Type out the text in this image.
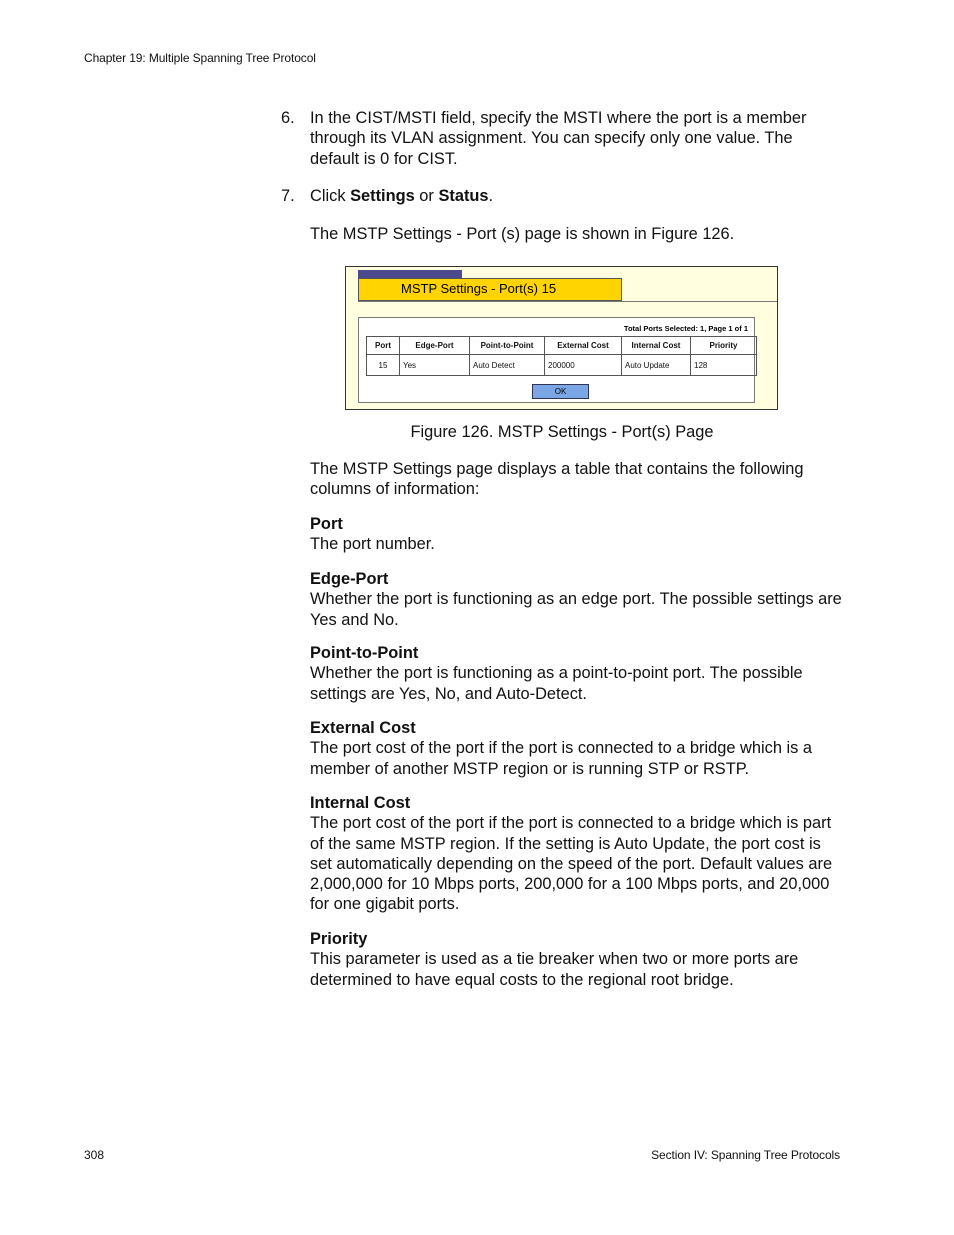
Chapter 19: Multiple Spanning Tree Protocol
6. In the CIST/MSTI field, specify the MSTI where the port is a member through its VLAN assignment. You can specify only one value. The default is 0 for CIST.
7. Click Settings or Status.
The MSTP Settings - Port (s) page is shown in Figure 126.
MSTP Settings - Port(s) 15
Total Ports Selected: 1, Page 1 of 1
Port	Edge-Port	Point-to-Point	External Cost	Internal Cost	Priority
15	Yes	Auto Detect	200000	Auto Update	128
OK
Figure 126. MSTP Settings - Port(s) Page
The MSTP Settings page displays a table that contains the following columns of information:
Port
The port number.
Edge-Port
Whether the port is functioning as an edge port. The possible settings are Yes and No.
Point-to-Point
Whether the port is functioning as a point-to-point port. The possible settings are Yes, No, and Auto-Detect.
External Cost
The port cost of the port if the port is connected to a bridge which is a member of another MSTP region or is running STP or RSTP.
Internal Cost
The port cost of the port if the port is connected to a bridge which is part of the same MSTP region. If the setting is Auto Update, the port cost is set automatically depending on the speed of the port. Default values are 2,000,000 for 10 Mbps ports, 200,000 for a 100 Mbps ports, and 20,000 for one gigabit ports.
Priority
This parameter is used as a tie breaker when two or more ports are determined to have equal costs to the regional root bridge.
308	Section IV: Spanning Tree Protocols
